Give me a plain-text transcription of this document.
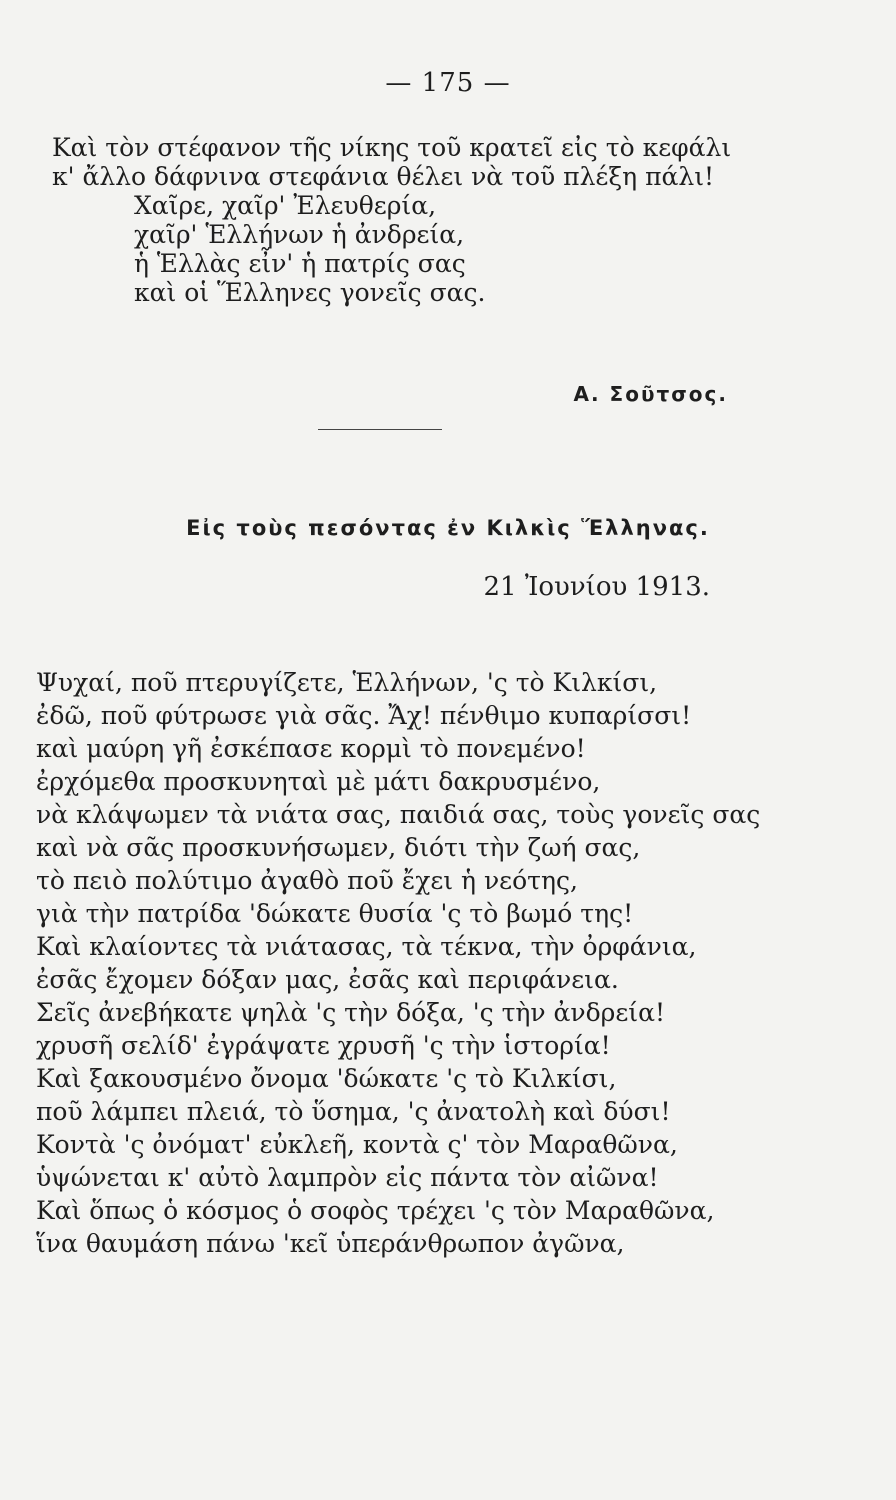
— 175 —
Καὶ τὸν στέφανον τῆς νίκης τοῦ κρατεῖ εἰς τὸ κεφάλι
κ' ἄλλο δάφνινα στεφάνια θέλει νὰ τοῦ πλέξη πάλι!
Χαῖρε, χαῖρ' Ἐλευθερία,
χαῖρ' Ἑλλήνων ἡ ἀνδρεία,
ἡ Ἑλλὰς εἶν' ἡ πατρίς σας
καὶ οἱ Ἕλληνες γονεῖς σας.
Α. Σοῦτσος.
Εἰς τοὺς πεσόντας ἐν Κιλκὶς Ἕλληνας.
21 Ἰουνίου 1913.
Ψυχαί, ποῦ πτερυγίζετε, Ἑλλήνων, 'ς τὸ Κιλκίσι,
ἐδῶ, ποῦ φύτρωσε γιὰ σᾶς. Ἄχ! πένθιμο κυπαρίσσι!
καὶ μαύρη γῆ ἐσκέπασε κορμὶ τὸ πονεμένο!
ἐρχόμεθα προσκυνηταὶ μὲ μάτι δακρυσμένο,
νὰ κλάψωμεν τὰ νιάτα σας, παιδιά σας, τοὺς γονεῖς σας
καὶ νὰ σᾶς προσκυνήσωμεν, διότι τὴν ζωή σας,
τὸ πειὸ πολύτιμο ἀγαθὸ ποῦ ἔχει ἡ νεότης,
γιὰ τὴν πατρίδα 'δώκατε θυσία 'ς τὸ βωμό της!
Καὶ κλαίοντες τὰ νιάτασας, τὰ τέκνα, τὴν ὀρφάνια,
ἐσᾶς ἔχομεν δόξαν μας, ἐσᾶς καὶ περιφάνεια.
Σεῖς ἀνεβήκατε ψηλὰ 'ς τὴν δόξα, 'ς τὴν ἀνδρεία!
χρυσῆ σελίδ' ἐγράψατε χρυσῆ 'ς τὴν ἱστορία!
Καὶ ξακουσμένο ὄνομα 'δώκατε 'ς τὸ Κιλκίσι,
ποῦ λάμπει πλειά, τὸ ὕσημα, 'ς ἀνατολὴ καὶ δύσι!
Κοντὰ 'ς ὀνόματ' εὐκλεῆ, κοντὰ ς' τὸν Μαραθῶνα,
ὑψώνεται κ' αὐτὸ λαμπρὸν εἰς πάντα τὸν αἰῶνα!
Καὶ ὅπως ὁ κόσμος ὁ σοφὸς τρέχει 'ς τὸν Μαραθῶνα,
ἵνα θαυμάση πάνω 'κεῖ ὑπεράνθρωπον ἀγῶνα,
